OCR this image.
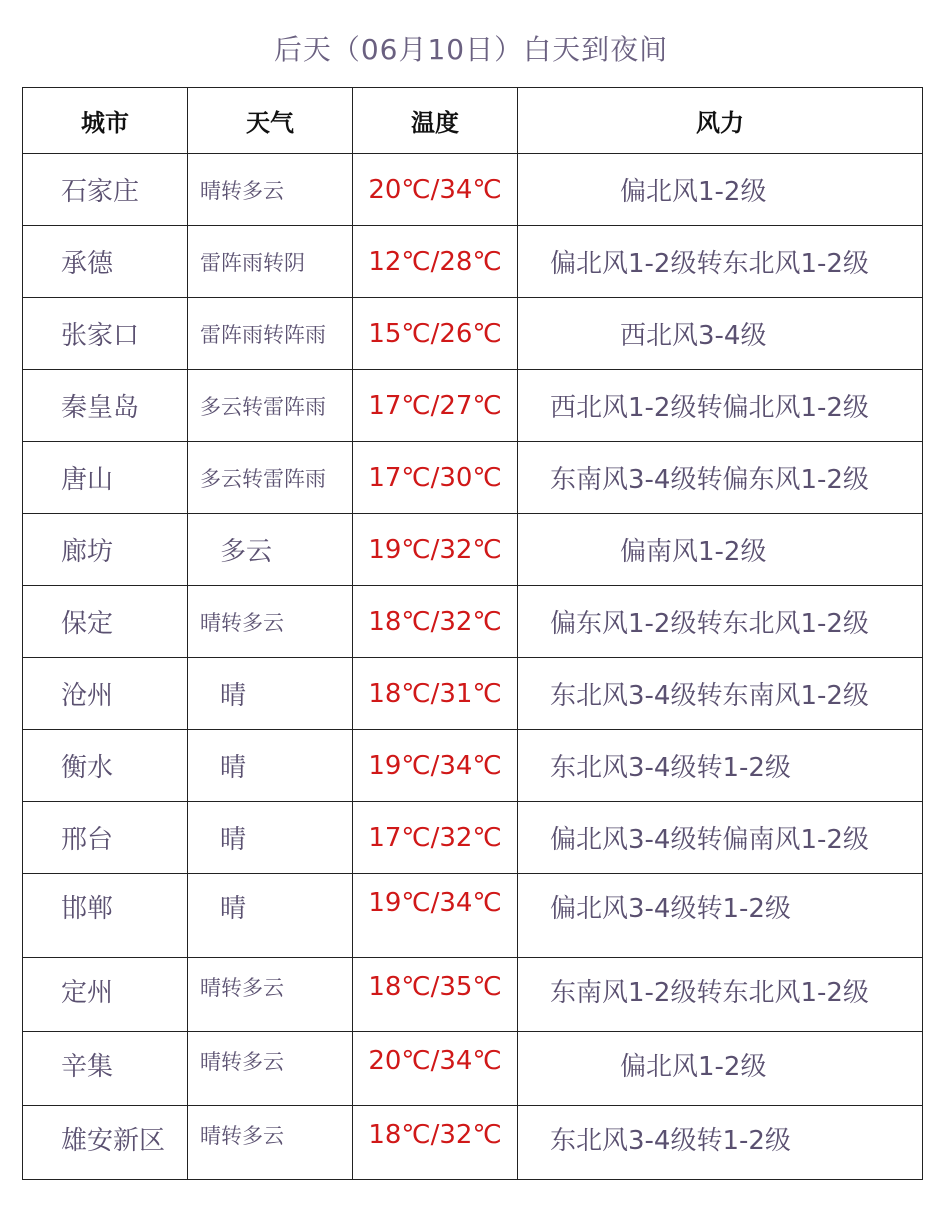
后天（06月10日）白天到夜间
城市	天气	温度	风力
石家庄	晴转多云	20℃/34℃	偏北风1-2级
承德	雷阵雨转阴	12℃/28℃	偏北风1-2级转东北风1-2级
张家口	雷阵雨转阵雨	15℃/26℃	西北风3-4级
秦皇岛	多云转雷阵雨	17℃/27℃	西北风1-2级转偏北风1-2级
唐山	多云转雷阵雨	17℃/30℃	东南风3-4级转偏东风1-2级
廊坊	多云	19℃/32℃	偏南风1-2级
保定	晴转多云	18℃/32℃	偏东风1-2级转东北风1-2级
沧州	晴	18℃/31℃	东北风3-4级转东南风1-2级
衡水	晴	19℃/34℃	东北风3-4级转1-2级
邢台	晴	17℃/32℃	偏北风3-4级转偏南风1-2级
邯郸	晴	19℃/34℃	偏北风3-4级转1-2级
定州	晴转多云	18℃/35℃	东南风1-2级转东北风1-2级
辛集	晴转多云	20℃/34℃	偏北风1-2级
雄安新区	晴转多云	18℃/32℃	东北风3-4级转1-2级
